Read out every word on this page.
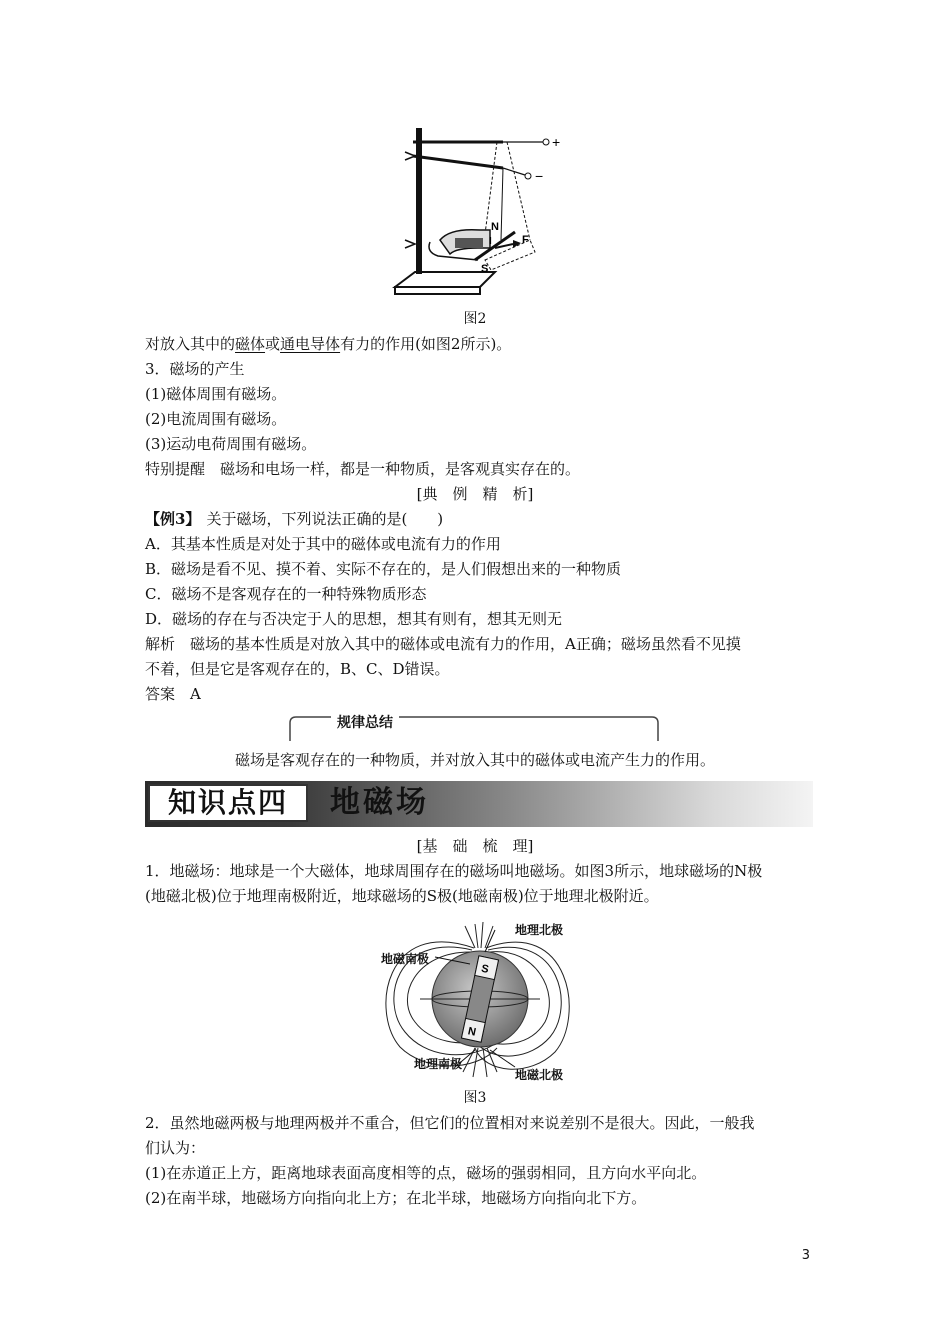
N
S
I	F
+
−
图2
对放入其中的磁体或通电导体有力的作用(如图2所示)。
3．磁场的产生
(1)磁体周围有磁场。
(2)电流周围有磁场。
(3)运动电荷周围有磁场。
特别提醒　磁场和电场一样，都是一种物质，是客观真实存在的。
[典　例　精　析]
【例3】 关于磁场，下列说法正确的是(　　)
A．其基本性质是对处于其中的磁体或电流有力的作用
B．磁场是看不见、摸不着、实际不存在的，是人们假想出来的一种物质
C．磁场不是客观存在的一种特殊物质形态
D．磁场的存在与否决定于人的思想，想其有则有，想其无则无
解析　磁场的基本性质是对放入其中的磁体或电流有力的作用，A正确；磁场虽然看不见摸
不着，但是它是客观存在的，B、C、D错误。
答案　A
规律总结
磁场是客观存在的一种物质，并对放入其中的磁体或电流产生力的作用。
知识点四	地磁场
[基　础　梳　理]
1．地磁场：地球是一个大磁体，地球周围存在的磁场叫地磁场。如图3所示，地球磁场的N极
(地磁北极)位于地理南极附近，地球磁场的S极(地磁南极)位于地理北极附近。
S
N
地理北极
地磁南极
地理南极
地磁北极
图3
2．虽然地磁两极与地理两极并不重合，但它们的位置相对来说差别不是很大。因此，一般我
们认为：
(1)在赤道正上方，距离地球表面高度相等的点，磁场的强弱相同，且方向水平向北。
(2)在南半球，地磁场方向指向北上方；在北半球，地磁场方向指向北下方。
3
